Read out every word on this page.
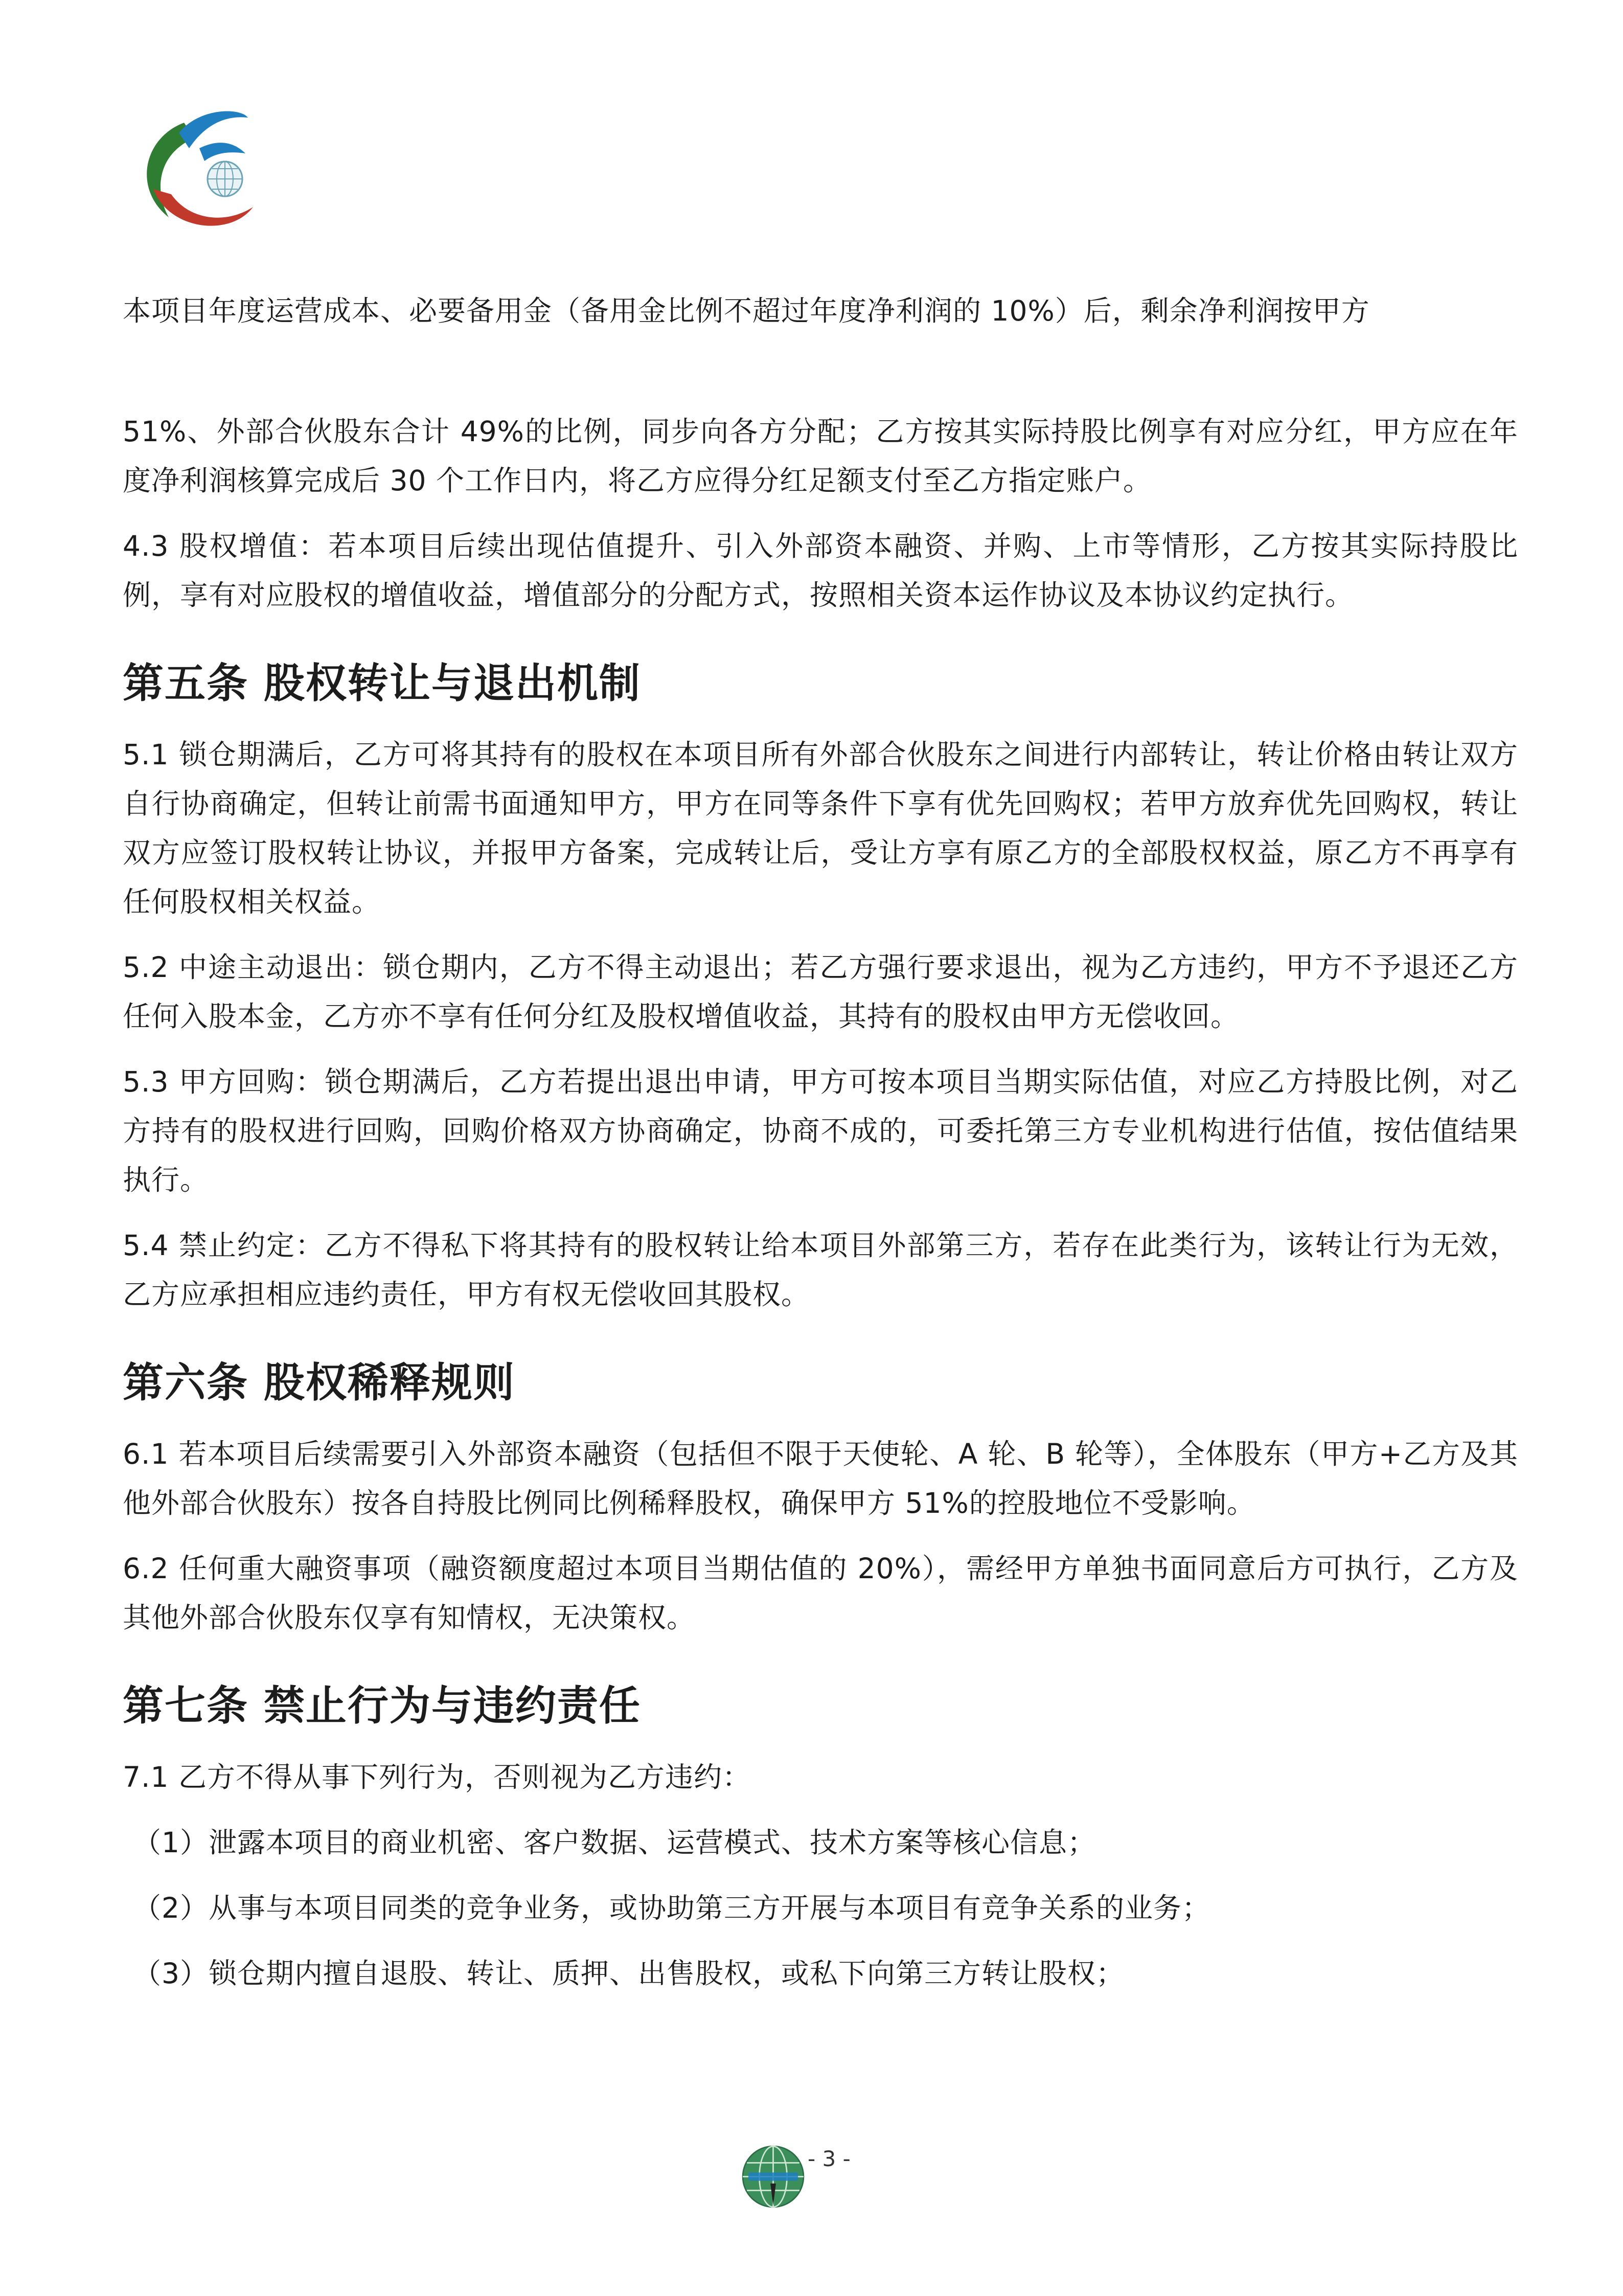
本项目年度运营成本、必要备用金（备用金比例不超过年度净利润的 10%）后，剩余净利润按甲方
51%、外部合伙股东合计 49%的比例，同步向各方分配；乙方按其实际持股比例享有对应分红，甲方应在年度净利润核算完成后 30 个工作日内，将乙方应得分红足额支付至乙方指定账户。
4.3 股权增值：若本项目后续出现估值提升、引入外部资本融资、并购、上市等情形，乙方按其实际持股比例，享有对应股权的增值收益，增值部分的分配方式，按照相关资本运作协议及本协议约定执行。
第五条 股权转让与退出机制
5.1 锁仓期满后，乙方可将其持有的股权在本项目所有外部合伙股东之间进行内部转让，转让价格由转让双方自行协商确定，但转让前需书面通知甲方，甲方在同等条件下享有优先回购权；若甲方放弃优先回购权，转让双方应签订股权转让协议，并报甲方备案，完成转让后，受让方享有原乙方的全部股权权益，原乙方不再享有任何股权相关权益。
5.2 中途主动退出：锁仓期内，乙方不得主动退出；若乙方强行要求退出，视为乙方违约，甲方不予退还乙方任何入股本金，乙方亦不享有任何分红及股权增值收益，其持有的股权由甲方无偿收回。
5.3 甲方回购：锁仓期满后，乙方若提出退出申请，甲方可按本项目当期实际估值，对应乙方持股比例，对乙方持有的股权进行回购，回购价格双方协商确定，协商不成的，可委托第三方专业机构进行估值，按估值结果执行。
5.4 禁止约定：乙方不得私下将其持有的股权转让给本项目外部第三方，若存在此类行为，该转让行为无效，乙方应承担相应违约责任，甲方有权无偿收回其股权。
第六条 股权稀释规则
6.1 若本项目后续需要引入外部资本融资（包括但不限于天使轮、A 轮、B 轮等），全体股东（甲方+乙方及其他外部合伙股东）按各自持股比例同比例稀释股权，确保甲方 51%的控股地位不受影响。
6.2 任何重大融资事项（融资额度超过本项目当期估值的 20%），需经甲方单独书面同意后方可执行，乙方及其他外部合伙股东仅享有知情权，无决策权。
第七条 禁止行为与违约责任
7.1 乙方不得从事下列行为，否则视为乙方违约：
（1）泄露本项目的商业机密、客户数据、运营模式、技术方案等核心信息；
（2）从事与本项目同类的竞争业务，或协助第三方开展与本项目有竞争关系的业务；
（3）锁仓期内擅自退股、转让、质押、出售股权，或私下向第三方转让股权；
- 3 -
